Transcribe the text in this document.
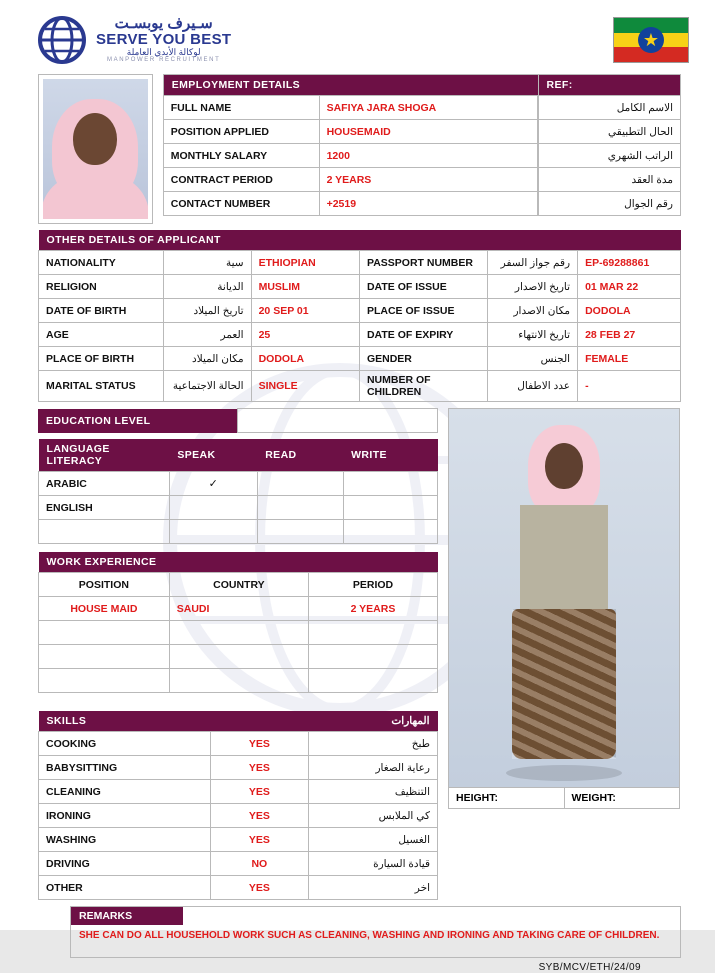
سـيرف يوبسـت
SERVE YOU BEST
لوكالة الأيدي العاملة
MANPOWER RECRUITMENT
★
EMPLOYMENT DETAILS		REF:
FULL NAME	SAFIYA JARA SHOGA		الاسم الكامل
POSITION APPLIED	HOUSEMAID		الحال التطبيقي
MONTHLY SALARY	1200		الراتب الشهري
CONTRACT PERIOD	2 YEARS		مدة العقد
CONTACT NUMBER	+2519		رقم الجوال
OTHER DETAILS OF APPLICANT					
NATIONALITY	سية	ETHIOPIAN	PASSPORT NUMBER	رقم جواز السفر	EP-69288861
RELIGION	الديانة	MUSLIM	DATE OF ISSUE	تاريخ الاصدار	01 MAR 22
DATE OF BIRTH	تاريخ الميلاد	20 SEP 01	PLACE OF ISSUE	مكان الاصدار	DODOLA
AGE	العمر	25	DATE OF EXPIRY	تاريخ الانتهاء	28 FEB 27
PLACE OF BIRTH	مكان الميلاد	DODOLA	GENDER	الجنس	FEMALE
MARITAL STATUS	الحالة الاجتماعية	SINGLE	NUMBER OF CHILDREN	عدد الاطفال	-
EDUCATION LEVEL	
LANGUAGE LITERACY	SPEAK	READ	WRITE
ARABIC	✓		
ENGLISH			

WORK EXPERIENCE		
POSITION	COUNTRY	PERIOD
HOUSE MAID	SAUDI	2 YEARS

SKILLS		المهارات
COOKING	YES	طبخ
BABYSITTING	YES	رعاية الصغار
CLEANING	YES	التنظيف
IRONING	YES	كي الملابس
WASHING	YES	الغسيل
DRIVING	NO	قيادة السيارة
OTHER	YES	اخر
HEIGHT:	WEIGHT:
REMARKS
SHE CAN DO ALL HOUSEHOLD WORK SUCH AS CLEANING, WASHING AND IRONING AND TAKING CARE OF CHILDREN.
SYB/MCV/ETH/24/09
